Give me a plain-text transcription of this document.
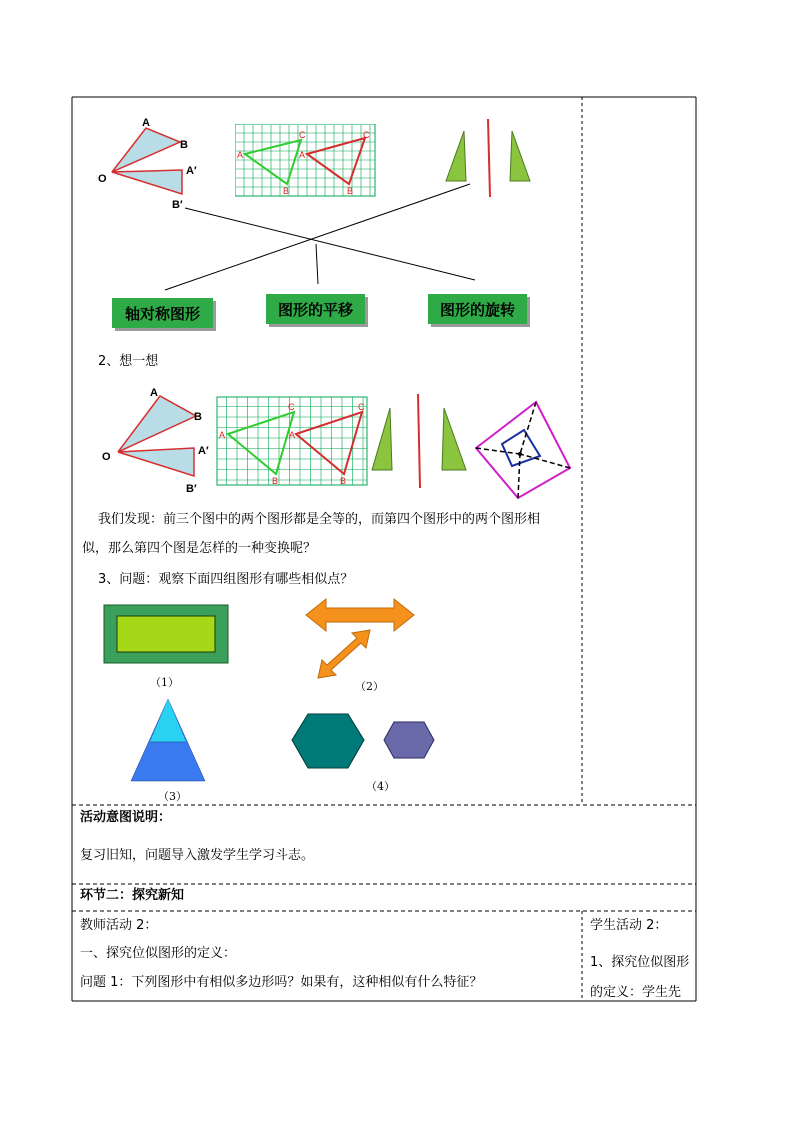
A
B
O
A′
B′
A
C
B
A
C
B
轴对称图形	图形的平移	图形的旋转
2、想一想
A
B
O	A′
B′
A
C
B
A
C
B
我们发现：前三个图中的两个图形都是全等的，而第四个图形中的两个图形相
似，那么第四个图是怎样的一种变换呢？
3、问题：观察下面四组图形有哪些相似点？
（1）	（2）
（3）
（4）
活动意图说明：
复习旧知，问题导入激发学生学习斗志。
环节二：探究新知
教师活动 2：
一、探究位似图形的定义：
问题 1：下列图形中有相似多边形吗？如果有，这种相似有什么特征？
学生活动 2：
1、探究位似图形
的定义：学生先
